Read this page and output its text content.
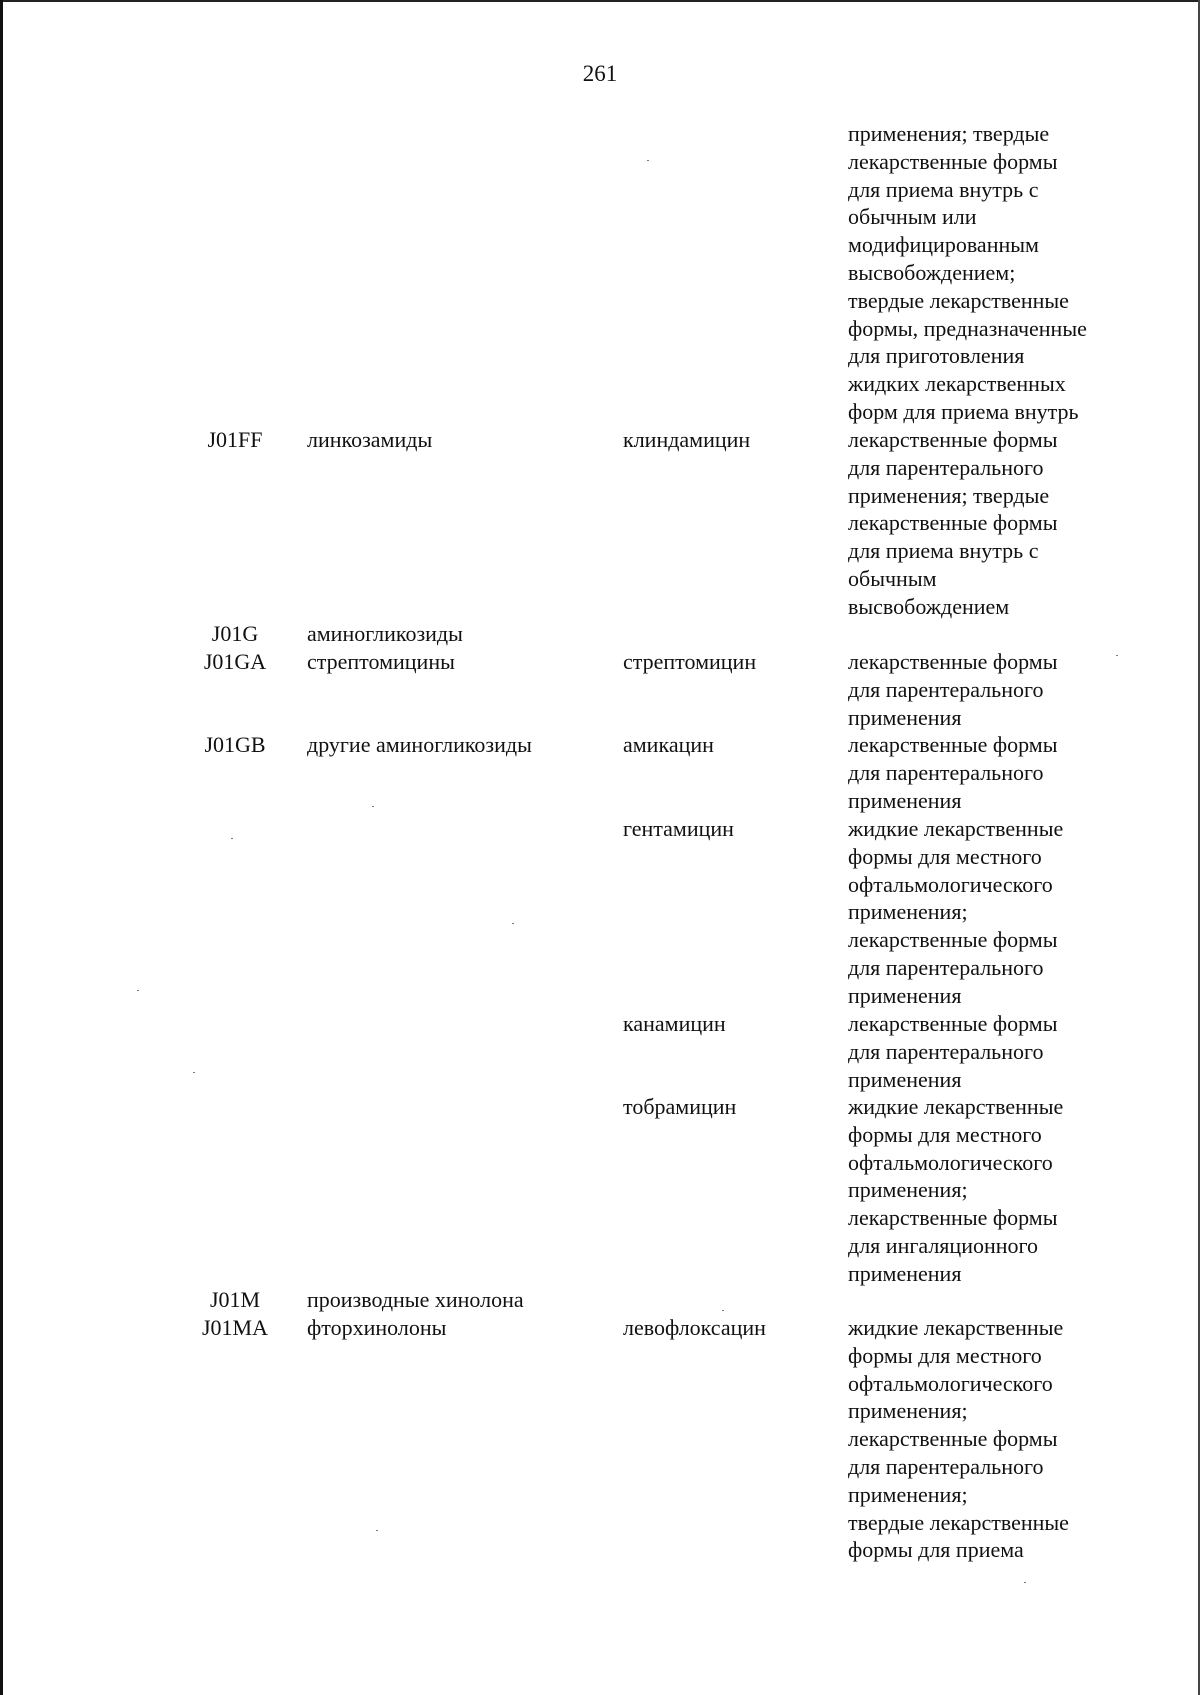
261
применения; твердые
лекарственные формы
для приема внутрь с
обычным или
модифицированным
высвобождением;
твердые лекарственные
формы, предназначенные
для приготовления
жидких лекарственных
форм для приема внутрь
J01FF	линкозамиды	клиндамицин	лекарственные формы
для парентерального
применения; твердые
лекарственные формы
для приема внутрь с
обычным
высвобождением
J01G	аминогликозиды
J01GA	стрептомицины	стрептомицин	лекарственные формы
для парентерального
применения
J01GB	другие аминогликозиды	амикацин	лекарственные формы
для парентерального
применения
гентамицин	жидкие лекарственные
формы для местного
офтальмологического
применения;
лекарственные формы
для парентерального
применения
канамицин	лекарственные формы
для парентерального
применения
тобрамицин	жидкие лекарственные
формы для местного
офтальмологического
применения;
лекарственные формы
для ингаляционного
применения
J01M	производные хинолона
J01MA	фторхинолоны	левофлоксацин	жидкие лекарственные
формы для местного
офтальмологического
применения;
лекарственные формы
для парентерального
применения;
твердые лекарственные
формы для приема
